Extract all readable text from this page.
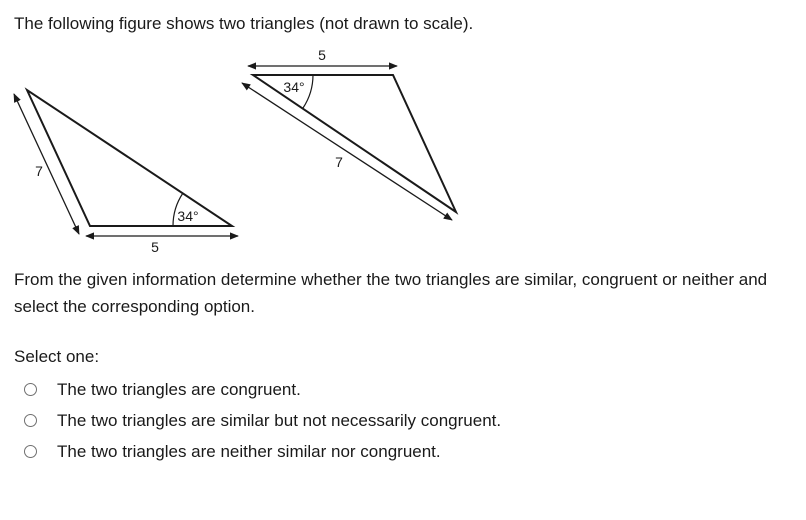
The following figure shows two triangles (not drawn to scale).

7
5
34°
5
7
34°

From the given information determine whether the two triangles are similar, congruent or neither and select the corresponding option.

Select one:

The two triangles are congruent.
The two triangles are similar but not necessarily congruent.
The two triangles are neither similar nor congruent.
